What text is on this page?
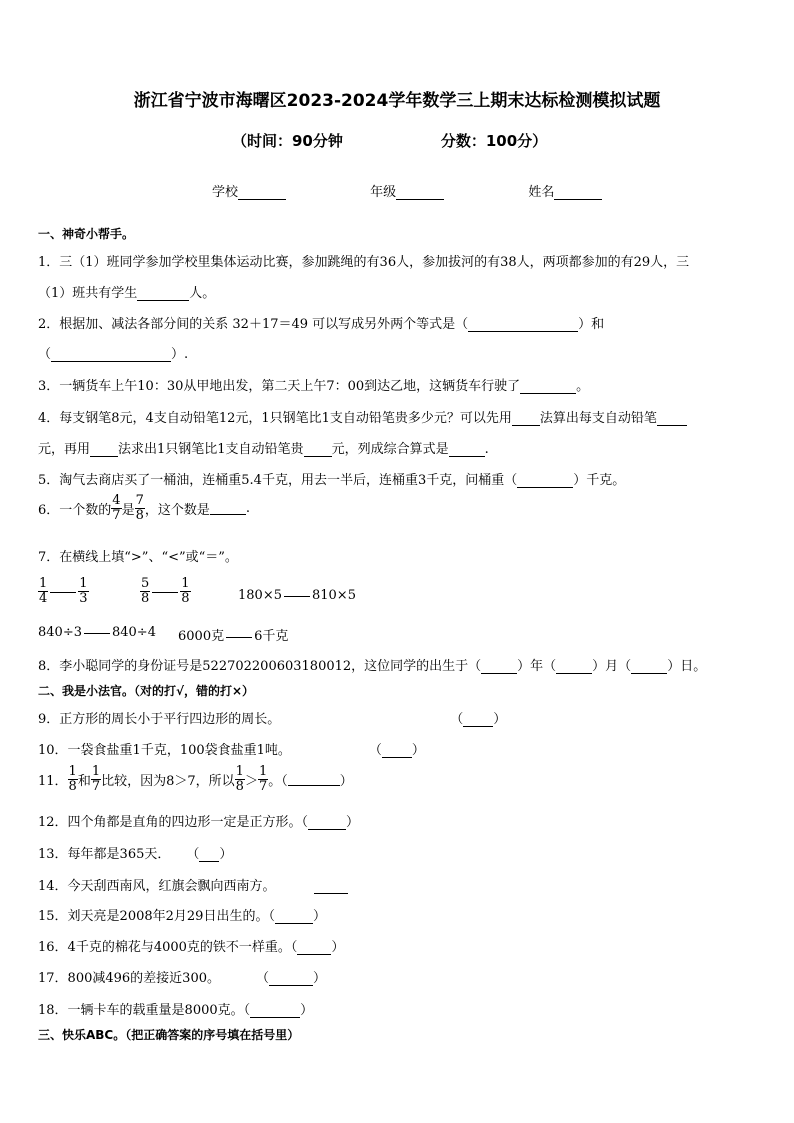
浙江省宁波市海曙区2023-2024学年数学三上期末达标检测模拟试题
（时间：90分钟	分数：100分）
学校	年级	姓名
一、神奇小帮手。
1．三（1）班同学参加学校里集体运动比赛，参加跳绳的有36人，参加拔河的有38人，两项都参加的有29人，三
（1）班共有学生	人。
2．根据加、减法各部分间的关系 32＋17＝49 可以写成另外两个等式是（	）和
（	）.
3．一辆货车上午10：30从甲地出发，第二天上午7：00到达乙地，这辆货车行驶了	。
4．每支钢笔8元，4支自动铅笔12元，1只钢笔比1支自动铅笔贵多少元？可以先用 法算出每支自动铅笔
元，再用 法求出1只钢笔比1支自动铅笔贵 元，列成综合算式是	.
5．淘气去商店买了一桶油，连桶重5.4千克，用去一半后，连桶重3千克，问桶重（	）千克。
6．一个数的 $\frac{4}{7}$ 是 $\frac{7}{8}$ ，这个数是	.
7．在横线上填“>”、“<”或“＝”。
$\frac{1}{4} \frac{1}{3}$	$\frac{5}{8} \frac{1}{8}$	180×5 810×5
840÷3 840÷4 6000克 6千克
8．李小聪同学的身份证号是522702200603180012，这位同学的出生于（	）年（	）月（	）日。
二、我是小法官。（对的打√，错的打×）
9．正方形的周长小于平行四边形的周长。	（ ）
10．一袋食盐重1千克，100袋食盐重1吨。	（ ）
11． $\frac{1}{8}$ 和 $\frac{1}{7}$ 比较，因为8＞7，所以 $\frac{1}{8} > \frac{1}{7}$ 。（	）
12．四个角都是直角的四边形一定是正方形。（	）
13．每年都是365天． （ ）
14．今天刮西南风，红旗会飘向西南方。
15．刘天亮是2008年2月29日出生的。（	）
16．4千克的棉花与4000克的铁不一样重。（	）
17．800减496的差接近300。	（	）
18．一辆卡车的载重量是8000克。（	）
三、快乐ABC。（把正确答案的序号填在括号里）
